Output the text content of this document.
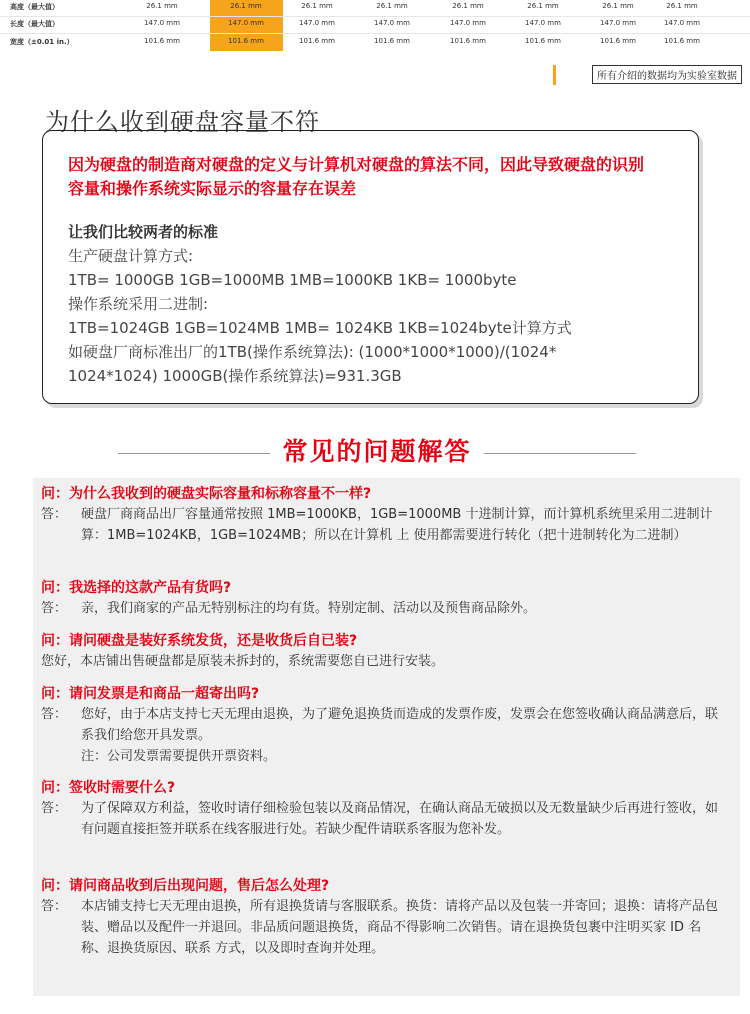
高度（最大值）	26.1 mm	26.1 mm	26.1 mm	26.1 mm	26.1 mm	26.1 mm	26.1 mm	26.1 mm
长度（最大值）	147.0 mm	147.0 mm	147.0 mm	147.0 mm	147.0 mm	147.0 mm	147.0 mm	147.0 mm
宽度（±0.01 in.）	101.6 mm	101.6 mm	101.6 mm	101.6 mm	101.6 mm	101.6 mm	101.6 mm	101.6 mm
所有介绍的数据均为实验室数据
为什么收到硬盘容量不符
因为硬盘的制造商对硬盘的定义与计算机对硬盘的算法不同，因此导致硬盘的识别容量和操作系统实际显示的容量存在误差
让我们比较两者的标准
生产硬盘计算方式:
1TB= 1000GB 1GB=1000MB 1MB=1000KB 1KB= 1000byte
操作系统采用二进制:
1TB=1024GB 1GB=1024MB 1MB= 1024KB 1KB=1024byte计算方式
如硬盘厂商标准出厂的1TB(操作系统算法): (1000*1000*1000)/(1024*
1024*1024) 1000GB(操作系统算法)=931.3GB
常见的问题解答
问：为什么我收到的硬盘实际容量和标称容量不一样?
答：	硬盘厂商商品出厂容量通常按照 1MB=1000KB，1GB=1000MB 十进制计算，而计算机系统里采用二进制计算：1MB=1024KB，1GB=1024MB；所以在计算机 上 使用都需要进行转化（把十进制转化为二进制）
问：我选择的这款产品有货吗?
答：	亲，我们商家的产品无特别标注的均有货。特别定制、活动以及预售商品除外。
问：请问硬盘是装好系统发货，还是收货后自已装?
您好，本店铺出售硬盘都是原装未拆封的，系统需要您自已进行安装。
问：请问发票是和商品一超寄出吗?
答：	您好，由于本店支持七天无理由退换，为了避免退换货而造成的发票作废，发票会在您签收确认商品满意后，联系我们给您开具发票。
注：公司发票需要提供开票资料。
问：签收时需要什么?
答：	为了保障双方利益，签收时请仔细检验包装以及商品情况，在确认商品无破损以及无数量缺少后再进行签收，如有问题直接拒签并联系在线客服进行处。若缺少配件请联系客服为您补发。
问：请问商品收到后出现问题，售后怎么处理?
答：	本店铺支持七天无理由退换，所有退换货请与客服联系。换货：请将产品以及包装一并寄回；退换：请将产品包装、赠品以及配件一并退回。非品质问题退换货，商品不得影响二次销售。请在退换货包裹中注明买家 ID 名称、退换货原因、联系 方式，以及即时查询并处理。
